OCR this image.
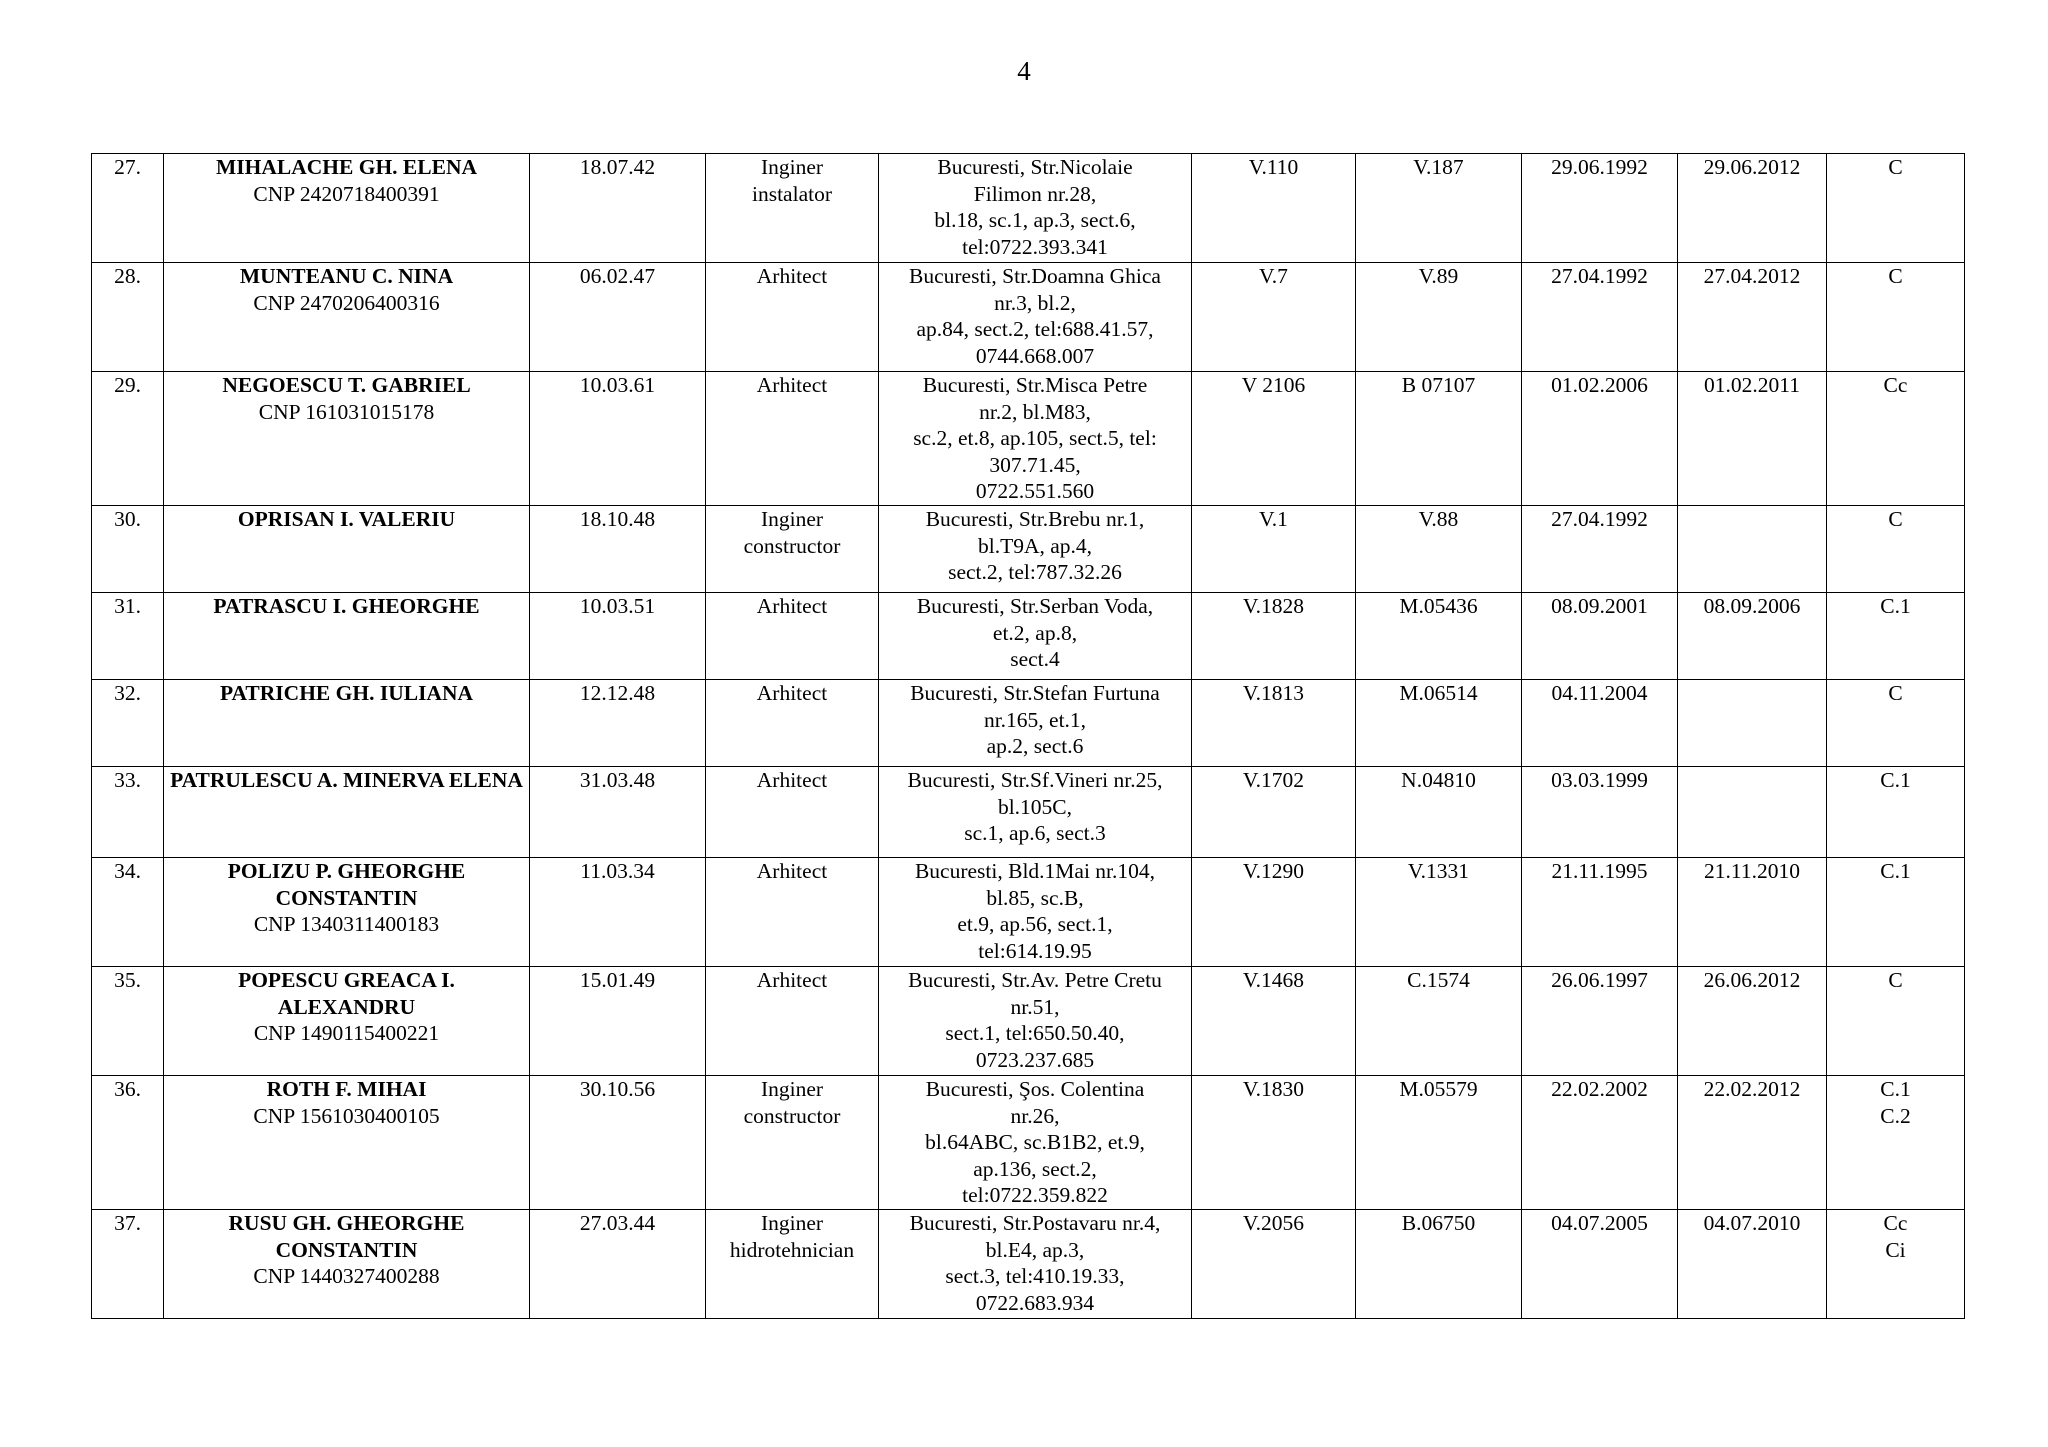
4
27.	MIHALACHE GH. ELENA
CNP 2420718400391	18.07.42	Inginer
instalator	Bucuresti, Str.Nicolaie
Filimon nr.28,
bl.18, sc.1, ap.3, sect.6,
tel:0722.393.341	V.110	V.187	29.06.1992	29.06.2012	C

28.	MUNTEANU C. NINA
CNP 2470206400316	06.02.47	Arhitect	Bucuresti, Str.Doamna Ghica
nr.3, bl.2,
ap.84, sect.2, tel:688.41.57,
0744.668.007	V.7	V.89	27.04.1992	27.04.2012	C

29.	NEGOESCU T. GABRIEL
CNP 161031015178	10.03.61	Arhitect	Bucuresti, Str.Misca Petre
nr.2, bl.M83,
sc.2, et.8, ap.105, sect.5, tel:
307.71.45,
0722.551.560	V 2106	B 07107	01.02.2006	01.02.2011	Cc

30.	OPRISAN I. VALERIU	18.10.48	Inginer
constructor	Bucuresti, Str.Brebu nr.1,
bl.T9A, ap.4,
sect.2, tel:787.32.26	V.1	V.88	27.04.1992		C

31.	PATRASCU I. GHEORGHE	10.03.51	Arhitect	Bucuresti, Str.Serban Voda,
et.2, ap.8,
sect.4	V.1828	M.05436	08.09.2001	08.09.2006	C.1

32.	PATRICHE GH. IULIANA	12.12.48	Arhitect	Bucuresti, Str.Stefan Furtuna
nr.165, et.1,
ap.2, sect.6	V.1813	M.06514	04.11.2004		C

33.	PATRULESCU A. MINERVA ELENA	31.03.48	Arhitect	Bucuresti, Str.Sf.Vineri nr.25,
bl.105C,
sc.1, ap.6, sect.3	V.1702	N.04810	03.03.1999		C.1

34.	POLIZU P. GHEORGHE CONSTANTIN
CNP 1340311400183	11.03.34	Arhitect	Bucuresti, Bld.1Mai nr.104,
bl.85, sc.B,
et.9, ap.56, sect.1,
tel:614.19.95	V.1290	V.1331	21.11.1995	21.11.2010	C.1

35.	POPESCU GREACA I. ALEXANDRU
CNP 1490115400221	15.01.49	Arhitect	Bucuresti, Str.Av. Petre Cretu
nr.51,
sect.1, tel:650.50.40,
0723.237.685	V.1468	C.1574	26.06.1997	26.06.2012	C

36.	ROTH F. MIHAI
CNP 1561030400105	30.10.56	Inginer
constructor	Bucuresti, Şos. Colentina
nr.26,
bl.64ABC, sc.B1B2, et.9,
ap.136, sect.2,
tel:0722.359.822	V.1830	M.05579	22.02.2002	22.02.2012	C.1
C.2

37.	RUSU GH. GHEORGHE CONSTANTIN
CNP 1440327400288	27.03.44	Inginer
hidrotehnician	Bucuresti, Str.Postavaru nr.4,
bl.E4, ap.3,
sect.3, tel:410.19.33,
0722.683.934	V.2056	B.06750	04.07.2005	04.07.2010	Cc
Ci
